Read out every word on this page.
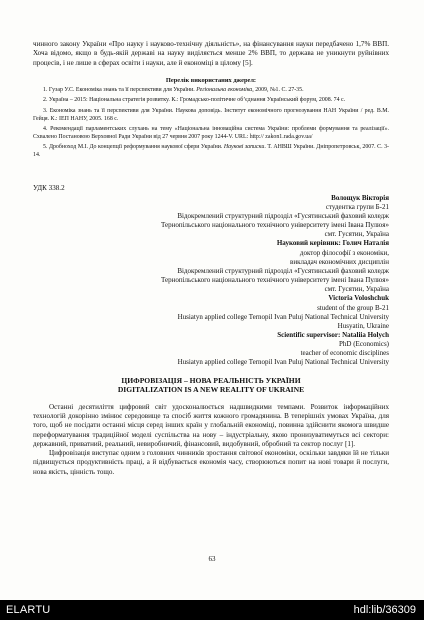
чинного закону України «Про науку і науково-технічну діяльність», на фінансування науки передбачено 1,7% ВВП. Хоча відомо, якщо в будь-якій державі на науку виділяється менше 2% ВВП, то держава не уникнути руйнівних процесів, і не лише в сферах освіти і науки, але й економіці в цілому [5].

Перелік використаних джерел:

1. Гузар У.С. Економіка знань та її перспективи для України. Регіональна економіка, 2009, №1. С. 27-35.

2. Україна – 2015: Національна стратегія розвитку. К.: Громадсько-політичне об’єднання Український форум, 2008. 74 с.

3. Економіка знань та її перспективи для України. Наукова доповідь. Інститут економічного прогнозування НАН України / ред. В.М. Гейця. К.: ІЕП НАНУ, 2005. 168 с.

4. Рекомендації парламентських слухань на тему «Національна інноваційна система України: проблеми формування та реалізації». Схвалено Постановою Верховної Ради України від 27 червня 2007 року 1244-V. URL: http:// zakon1.rada.gov.ua/

5. Дробноход М.І. До концепції реформування наукової сфери України. Наукові записки. Т. АНВШ України. Дніпропетровськ, 2007. С. 3-14.

УДК 338.2
Волощук Вікторія
студентка групи Б-21
Відокремлений структурний підрозділ «Гусятинський фаховий коледж
Тернопільського національного технічного університету імені Івана Пулюя»
смт. Гусятин, Україна
Науковий керівник: Голич Наталія
доктор філософії з економіки,
викладач економічних дисциплін
Відокремлений структурний підрозділ «Гусятинський фаховий коледж
Тернопільського національного технічного університету імені Івана Пулюя»
смт. Гусятин, Україна
Victoria Voloshchuk
student of the group B-21
Husiatyn applied college Ternopil Ivan Puluj National Technical University
Husyatin, Ukraine
Scientific supervisor: Nataliia Holych
PhD (Economics)
teacher of economic disciplines
Husiatyn applied college Ternopil Ivan Puluj National Technical University

ЦИФРОВІЗАЦІЯ – НОВА РЕАЛЬНІСТЬ УКРАЇНИ

DIGITALIZATION IS A NEW REALITY OF UKRAINE

Останні десятиліття цифровий світ удосконалюється надшвидкими темпами. Розвиток інформаційних технологій докорінно змінює середовище та спосіб життя кожного громадянина. В теперішніх умовах Україна, для того, щоб не посідати останні місця серед інших країн у глобальній економіці, повинна здійснити якомога швидше переформатування традиційної моделі суспільства на нову – індустріальну, якою пронизуватимуться всі сектори: державний, приватний, реальний, невиробничий, фінансовий, видобувний, обробний та сектор послуг [1].

Цифровізація виступає одним з головних чинників зростання світової економіки, оскільки завдяки їй не тільки підвищується продуктивність праці, а й відбувається економія часу, створюються попит на нові товари й послуги, нова якість, цінність тощо.

63
ELARTU	hdl:lib/36309
